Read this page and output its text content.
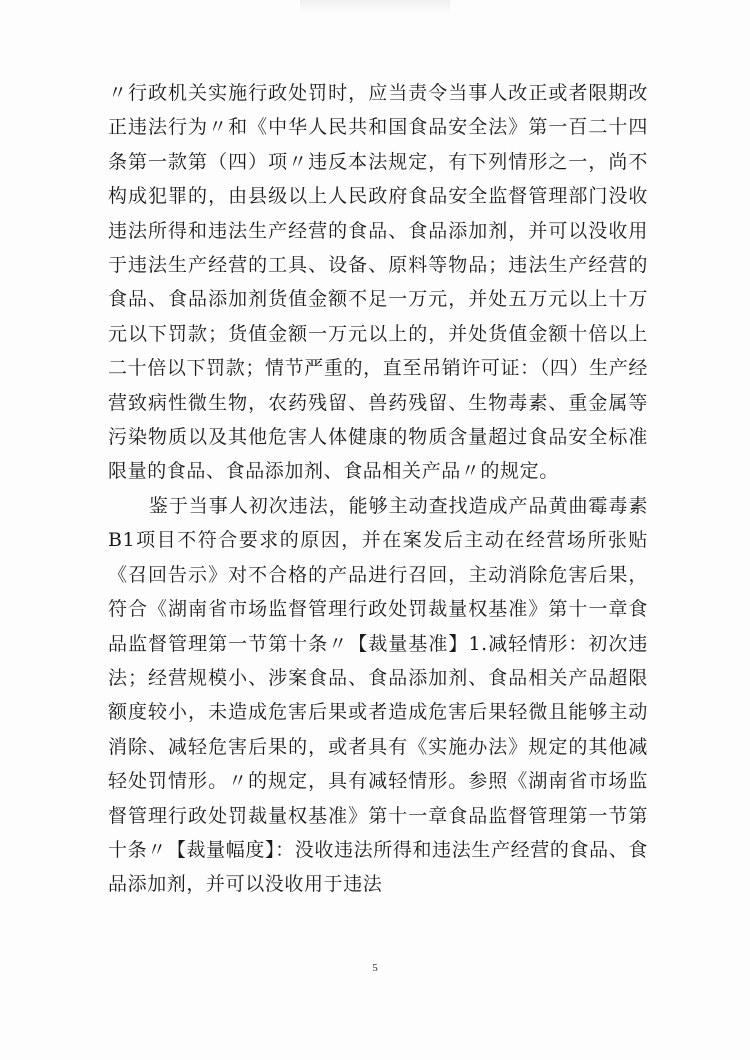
〃行政机关实施行政处罚时，应当责令当事人改正或者限期改正违法行为〃和《中华人民共和国食品安全法》第一百二十四条第一款第（四）项〃违反本法规定，有下列情形之一，尚不构成犯罪的，由县级以上人民政府食品安全监督管理部门没收违法所得和违法生产经营的食品、食品添加剂，并可以没收用于违法生产经营的工具、设备、原料等物品；违法生产经营的食品、食品添加剂货值金额不足一万元，并处五万元以上十万元以下罚款；货值金额一万元以上的，并处货值金额十倍以上二十倍以下罚款；情节严重的，直至吊销许可证：（四）生产经营致病性微生物，农药残留、兽药残留、生物毒素、重金属等污染物质以及其他危害人体健康的物质含量超过食品安全标准限量的食品、食品添加剂、食品相关产品〃的规定。

鉴于当事人初次违法，能够主动查找造成产品黄曲霉毒素B1项目不符合要求的原因，并在案发后主动在经营场所张贴《召回告示》对不合格的产品进行召回，主动消除危害后果，符合《湖南省市场监督管理行政处罚裁量权基准》第十一章食品监督管理第一节第十条〃【裁量基准】1.减轻情形：初次违法；经营规模小、涉案食品、食品添加剂、食品相关产品超限额度较小，未造成危害后果或者造成危害后果轻微且能够主动消除、减轻危害后果的，或者具有《实施办法》规定的其他减轻处罚情形。〃的规定，具有减轻情形。参照《湖南省市场监督管理行政处罚裁量权基准》第十一章食品监督管理第一节第十条〃【裁量幅度】：没收违法所得和违法生产经营的食品、食品添加剂，并可以没收用于违法

5
